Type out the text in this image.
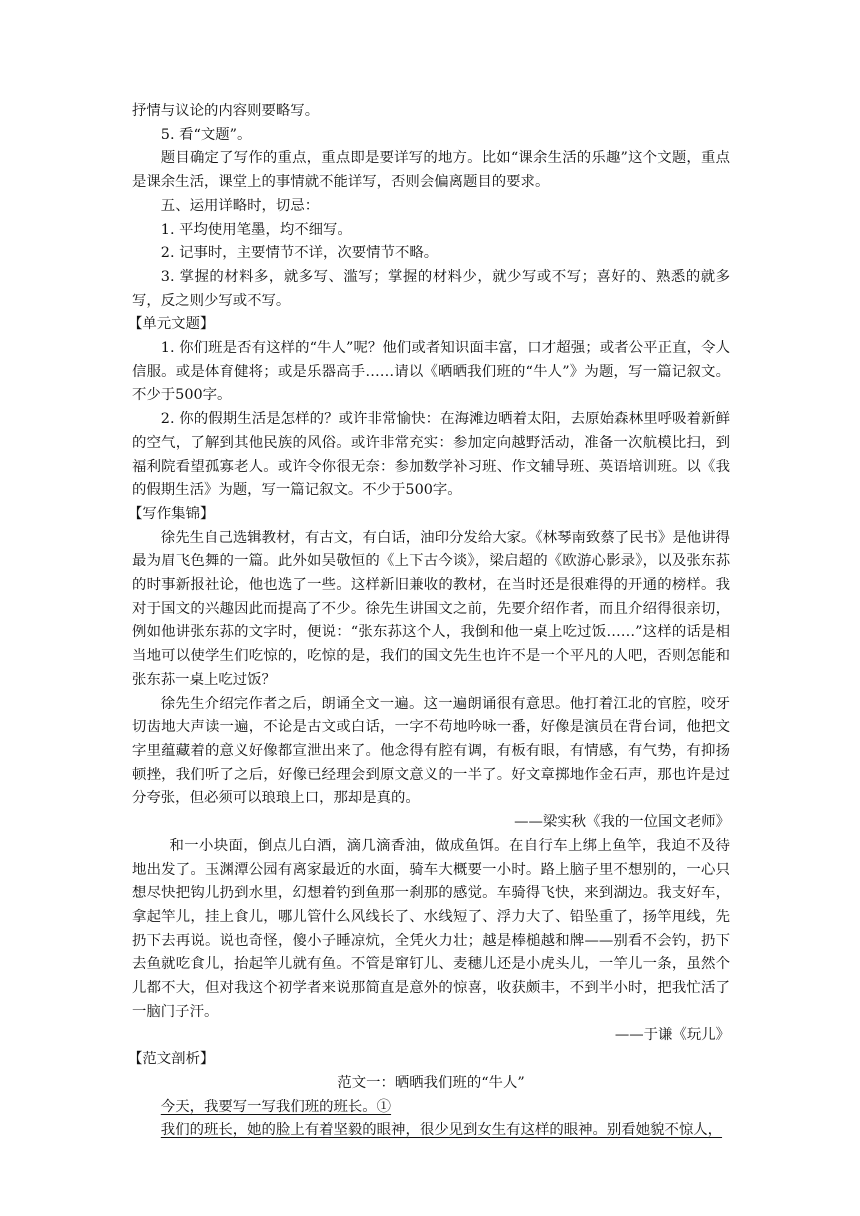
抒情与议论的内容则要略写。

5. 看“文题”。

题目确定了写作的重点，重点即是要详写的地方。比如“课余生活的乐趣”这个文题，重点是课余生活，课堂上的事情就不能详写，否则会偏离题目的要求。

五、运用详略时，切忌：

1. 平均使用笔墨，均不细写。

2. 记事时，主要情节不详，次要情节不略。

3. 掌握的材料多，就多写、滥写；掌握的材料少，就少写或不写；喜好的、熟悉的就多写，反之则少写或不写。

【单元文题】

1. 你们班是否有这样的“牛人”呢？他们或者知识面丰富，口才超强；或者公平正直，令人信服。或是体育健将；或是乐器高手……请以《晒晒我们班的“牛人”》为题，写一篇记叙文。不少于500字。

2. 你的假期生活是怎样的？或许非常愉快：在海滩边晒着太阳，去原始森林里呼吸着新鲜的空气，了解到其他民族的风俗。或许非常充实：参加定向越野活动，准备一次航模比扫，到福利院看望孤寡老人。或许令你很无奈：参加数学补习班、作文辅导班、英语培训班。以《我的假期生活》为题，写一篇记叙文。不少于500字。

【写作集锦】

徐先生自己选辑教材，有古文，有白话，油印分发给大家。《林琴南致蔡了民书》是他讲得最为眉飞色舞的一篇。此外如吴敬恒的《上下古今谈》，梁启超的《欧游心影录》，以及张东荪的时事新报社论，他也选了一些。这样新旧兼收的教材，在当时还是很难得的开通的榜样。我对于国文的兴趣因此而提高了不少。徐先生讲国文之前，先要介绍作者，而且介绍得很亲切，例如他讲张东荪的文字时，便说：“张东荪这个人，我倒和他一桌上吃过饭……”这样的话是相当地可以使学生们吃惊的，吃惊的是，我们的国文先生也许不是一个平凡的人吧，否则怎能和张东荪一桌上吃过饭？

徐先生介绍完作者之后，朗诵全文一遍。这一遍朗诵很有意思。他打着江北的官腔，咬牙切齿地大声读一遍，不论是古文或白话，一字不苟地吟咏一番，好像是演员在背台词，他把文字里蕴藏着的意义好像都宣泄出来了。他念得有腔有调，有板有眼，有情感，有气势，有抑扬顿挫，我们听了之后，好像已经理会到原文意义的一半了。好文章掷地作金石声，那也许是过分夸张，但必须可以琅琅上口，那却是真的。

——梁实秋《我的一位国文老师》

和一小块面，倒点儿白酒，滴几滴香油，做成鱼饵。在自行车上绑上鱼竿，我迫不及待地出发了。玉渊潭公园有离家最近的水面，骑车大概要一小时。路上脑子里不想别的，一心只想尽快把钩儿扔到水里，幻想着钓到鱼那一刹那的感觉。车骑得飞快，来到湖边。我支好车，拿起竿儿，挂上食儿，哪儿管什么风线长了、水线短了、浮力大了、铅坠重了，扬竿甩线，先扔下去再说。说也奇怪，傻小子睡凉炕，全凭火力壮；越是棒槌越和牌——别看不会钓，扔下去鱼就吃食儿，抬起竿儿就有鱼。不管是窜钉儿、麦穗儿还是小虎头儿，一竿儿一条，虽然个儿都不大，但对我这个初学者来说那简直是意外的惊喜，收获颇丰，不到半小时，把我忙活了一脑门子汗。

——于谦《玩儿》

【范文剖析】

范文一：晒晒我们班的“牛人”

今天，我要写一写我们班的班长。①

我们的班长，她的脸上有着坚毅的眼神，很少见到女生有这样的眼神。别看她貌不惊人，
